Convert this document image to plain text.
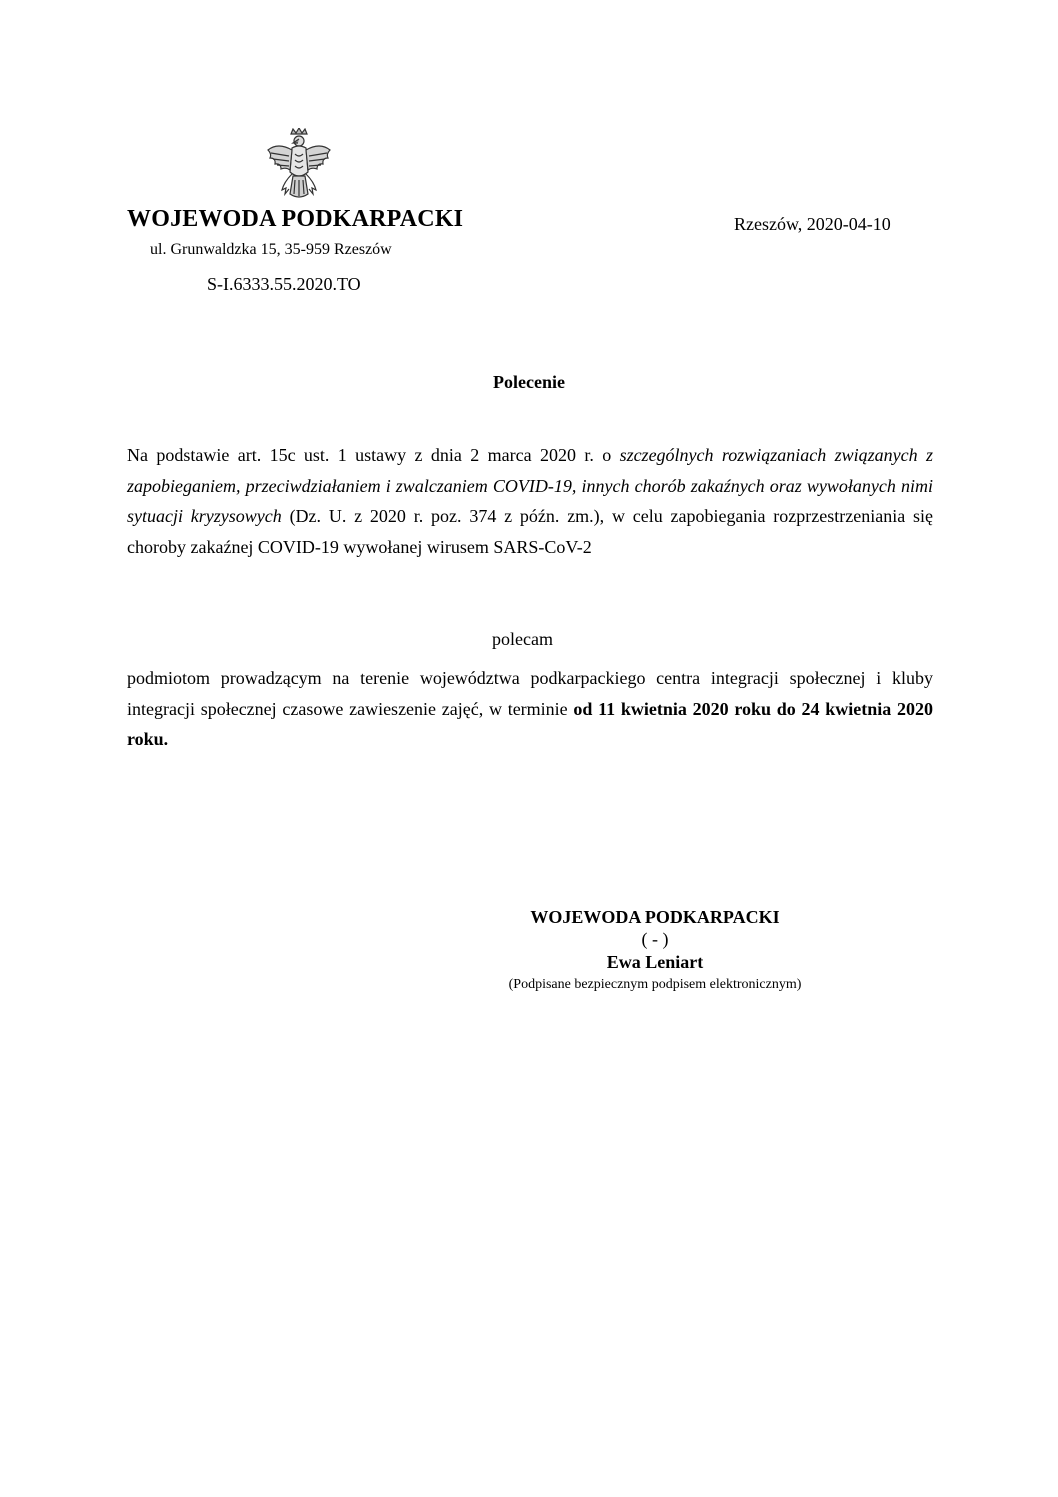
WOJEWODA PODKARPACKI
ul. Grunwaldzka 15, 35-959 Rzeszów
Rzeszów, 2020-04-10
S-I.6333.55.2020.TO
Polecenie
Na podstawie art. 15c ust. 1 ustawy z dnia 2 marca 2020 r. o szczególnych rozwiązaniach związanych z zapobieganiem, przeciwdziałaniem i zwalczaniem COVID-19, innych chorób zakaźnych oraz wywołanych nimi sytuacji kryzysowych (Dz. U. z 2020 r. poz. 374 z późn. zm.), w celu zapobiegania rozprzestrzeniania się choroby zakaźnej COVID-19 wywołanej wirusem SARS-CoV-2
polecam
podmiotom prowadzącym na terenie województwa podkarpackiego centra integracji społecznej i kluby integracji społecznej czasowe zawieszenie zajęć, w terminie od 11 kwietnia 2020 roku do 24 kwietnia 2020 roku.
WOJEWODA PODKARPACKI
( - )
Ewa Leniart
(Podpisane bezpiecznym podpisem elektronicznym)
